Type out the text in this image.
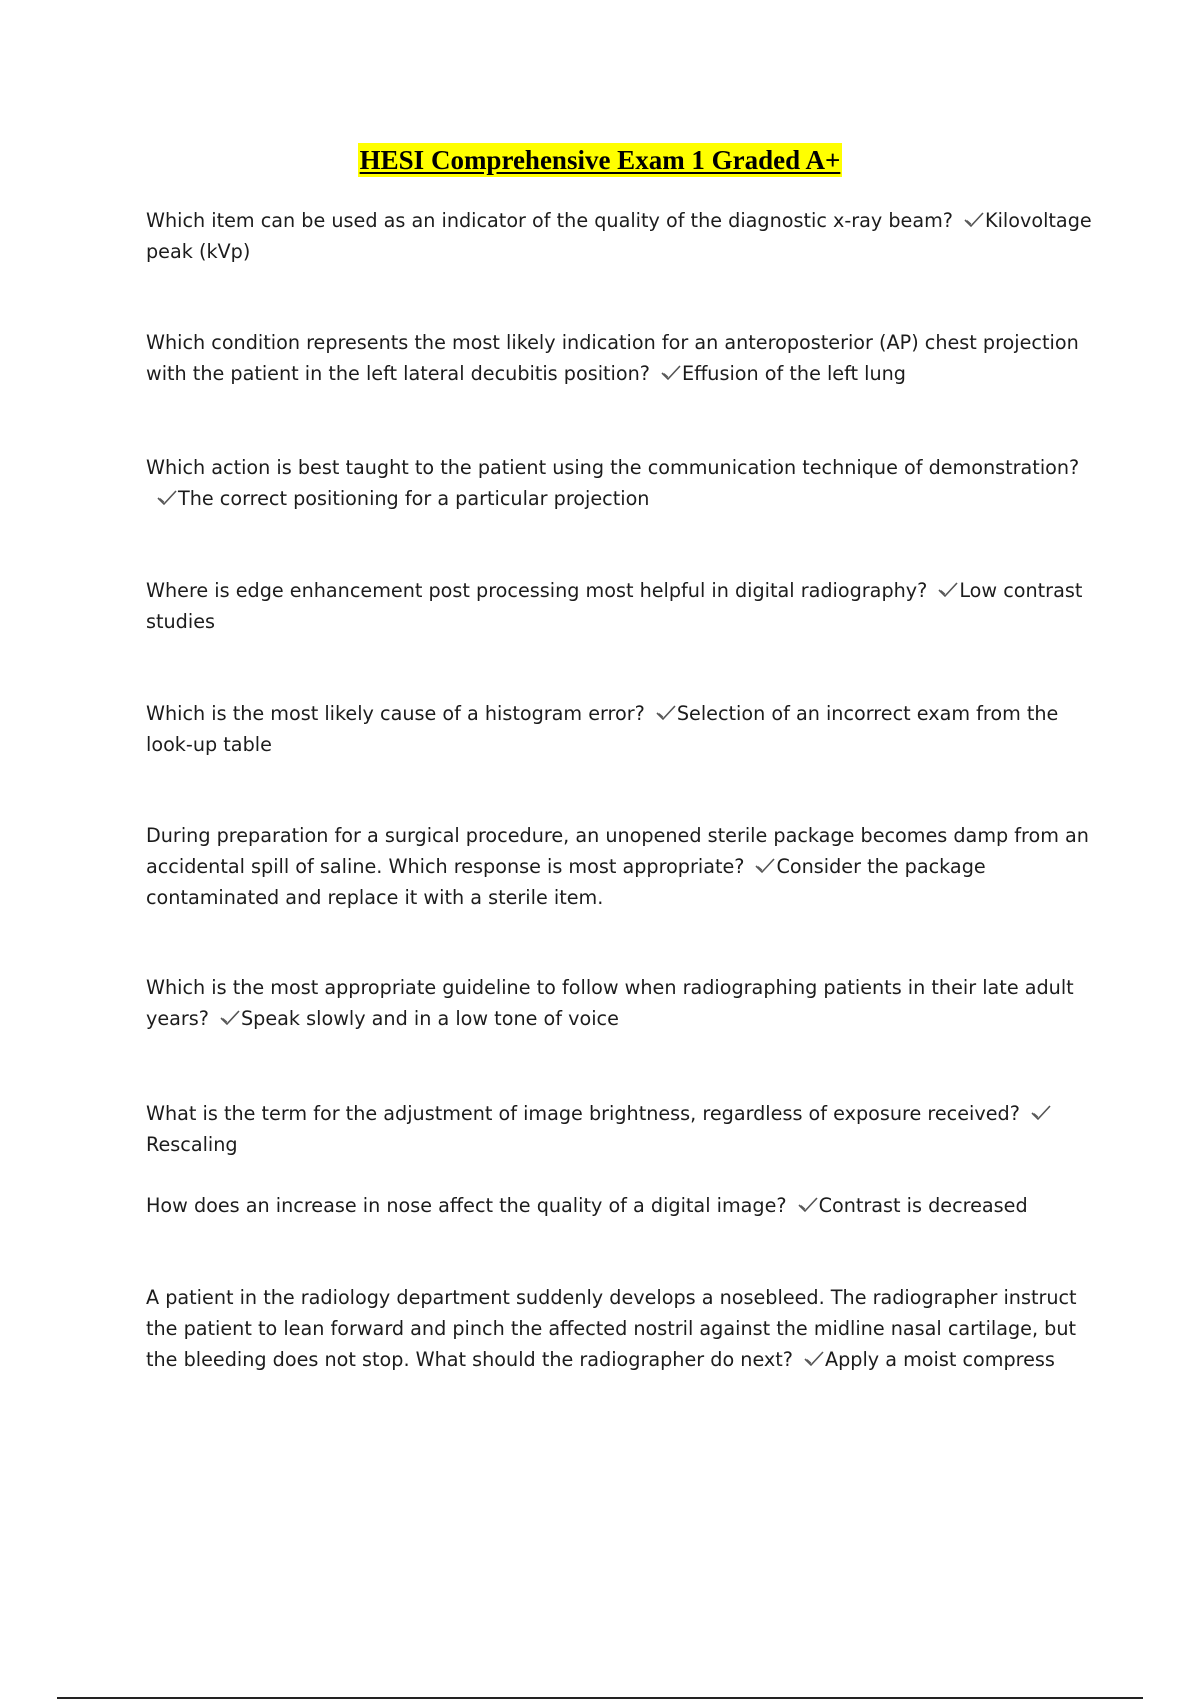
HESI Comprehensive Exam 1 Graded A+
Which item can be used as an indicator of the quality of the diagnostic x-ray beam? Kilovoltage peak (kVp)
Which condition represents the most likely indication for an anteroposterior (AP) chest projection with the patient in the left lateral decubitis position? Effusion of the left lung
Which action is best taught to the patient using the communication technique of demonstration?
The correct positioning for a particular projection
Where is edge enhancement post processing most helpful in digital radiography? Low contrast studies
Which is the most likely cause of a histogram error? Selection of an incorrect exam from the look-up table
During preparation for a surgical procedure, an unopened sterile package becomes damp from an accidental spill of saline. Which response is most appropriate? Consider the package contaminated and replace it with a sterile item.
Which is the most appropriate guideline to follow when radiographing patients in their late adult years? Speak slowly and in a low tone of voice
What is the term for the adjustment of image brightness, regardless of exposure received?
Rescaling
How does an increase in nose affect the quality of a digital image? Contrast is decreased
A patient in the radiology department suddenly develops a nosebleed. The radiographer instruct the patient to lean forward and pinch the affected nostril against the midline nasal cartilage, but the bleeding does not stop. What should the radiographer do next? Apply a moist compress
